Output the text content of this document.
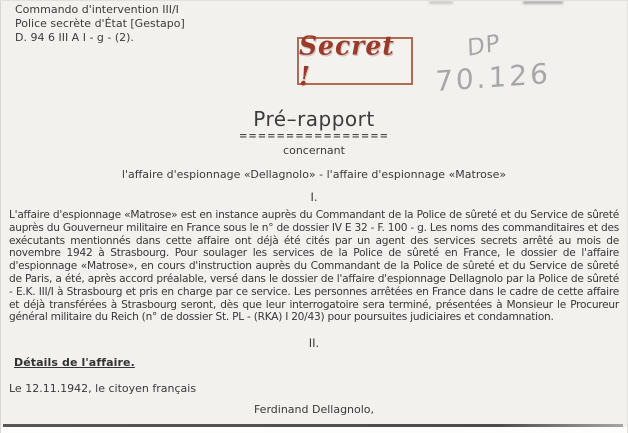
Commando d'intervention III/I
Police secrète d'État [Gestapo]
D. 94 6 III A I - g - (2).	Secret !
DP
70.126
Pré–rapport
================
concernant
l'affaire d'espionnage «Dellagnolo» - l'affaire d'espionnage «Matrose»
I.
L'affaire d'espionnage «Matrose» est en instance auprès du Commandant de la Police de sûreté et du Service de sûreté auprès du Gouverneur militaire en France sous le n° de dossier IV E 32 - F. 100 - g. Les noms des commanditaires et des exécutants mentionnés dans cette affaire ont déjà été cités par un agent des services secrets arrêté au mois de novembre 1942 à Strasbourg. Pour soulager les services de la Police de sûreté en France, le dossier de l'affaire d'espionnage «Matrose», en cours d'instruction auprès du Commandant de la Police de sûreté et du Service de sûreté de Paris, a été, après accord préalable, versé dans le dossier de l'affaire d'espionnage Dellagnolo par la Police de sûreté - E.K. III/I à Strasbourg et pris en charge par ce service. Les personnes arrêtées en France dans le cadre de cette affaire et déjà transférées à Strasbourg seront, dès que leur interrogatoire sera terminé, présentées à Monsieur le Procureur général militaire du Reich (n° de dossier St. PL - (RKA) I 20/43) pour poursuites judiciaires et condamnation.
II.
Détails de l'affaire.
Le 12.11.1942, le citoyen français
Ferdinand Dellagnolo,
